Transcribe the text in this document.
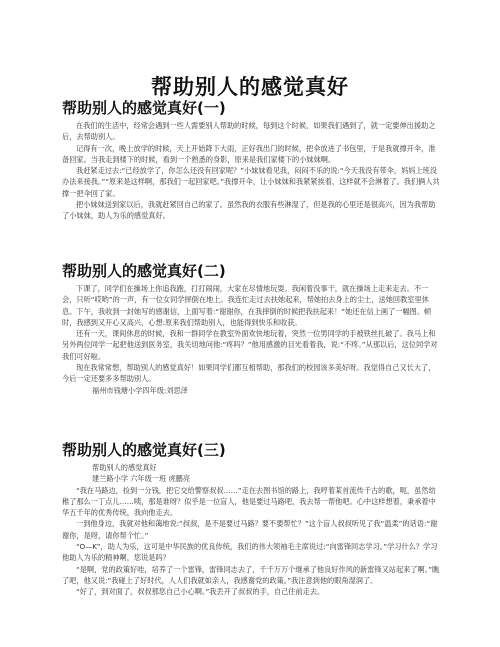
帮助别人的感觉真好
帮助别人的感觉真好(一)

在我们的生活中，经常会遇到一些人需要别人帮助的时候，每到这个时候，如果我们遇到了，就一定要伸出援助之后，去帮助别人。

记得有一次，晚上放学的时候，天上开始降下大雨，正好我出门的时候，把伞放进了书包里，于是我就撑开伞，准备回家。当我走到楼下的时候，看到一个熟悉的身影，原来是我们家楼下的小妹妹啊。

我赶紧走过去:“已经放学了，你怎么还没有回家呢？”小妹妹看见我，闷闷不乐的说:“今天我没有带伞，妈妈上班没办法来接我。”“原来是这样啊，那我们一起回家吧。”我撑开伞，让小妹妹和我紧紧挨着，这样就不会淋着了。我们俩人共撑一把伞回了家。

把小妹妹送到家以后，我就赶紧回自己的家了。虽然我的衣服有些淋湿了，但是我的心里还是很高兴，因为我帮助了小妹妹，助人为乐的感觉真好。

帮助别人的感觉真好(二)

下课了，同学们在操场上你追我跑，打打闹闹，大家在尽情地玩耍。我闲着没事干，就在操场上走来走去。不一会，只听“哎哟”的一声，有一位女同学摔倒在地上。我连忙走过去扶她起来，帮她拍去身上的尘土，送她回教室里休息。下午，我收到一封她写的感谢信，上面写着:“谢谢你，在我摔倒的时候把我扶起来！”她还在信上画了一幅图。顿时，我感到又开心又高兴，心想:原来我们帮助别人，也能得到快乐和收获。

还有一天，课间休息的时候，我和一群同学在教室外面欢快地玩着，突然一位男同学的手被铁丝扎破了。我马上和另外两位同学一起把他送到医务室，我关切地问他:“疼吗？”他用感激的目光看着我，说:“不疼。”从那以后，这位同学对我们可好啦。

现在我常常想，帮助别人的感觉真好！如果同学们都互相帮助，那我们的校园该多美好呀。我觉得自己又长大了，今后一定还要多多帮助别人。

福州市钱塘小学四年级:刘思泽

帮助别人的感觉真好(三)

帮助别人的感觉真好

建兰路小学 六年级一班 虎鹏亮

“我在马路边，捡到一分钱，把它交给警察叔叔……”走在去图书馆的路上，我哼着某首流传千古的歌，呃，虽然幼稚了那么一丁点儿……咦，那是谁呀？似乎是一位盲人，他是要过马路吧，我去帮一帮他吧。心中这样想着，秉承着中华五千年的优秀传统，我向他走去。

一到他身边，我就对他和蔼地说:“叔叔，是不是要过马路？要不要帮忙？”这个盲人叔叔听见了我“温柔”的话语:“谢谢你，是呀，请你帮个忙。”

“O—K”，助人为乐，这可是中华民族的优良传统，我们的伟大领袖毛主席说过:“向雷锋同志学习。”学习什么？学习他助人为乐的精神啊，您说是吗？

“是啊，党的政策好哇，培养了一个雷锋，雷锋同志去了，千千万万个继承了他良好作风的新雷锋又站起来了啊。”瞧了吧，他又说:“我碰上了好时代，人人们我就如亲人，我感谢党的政策。”我注意到他的眼角湿润了。

“好了，到对面了，叔叔那您自己小心啊。”我丢开了叔叔的手，自己往前走去。
